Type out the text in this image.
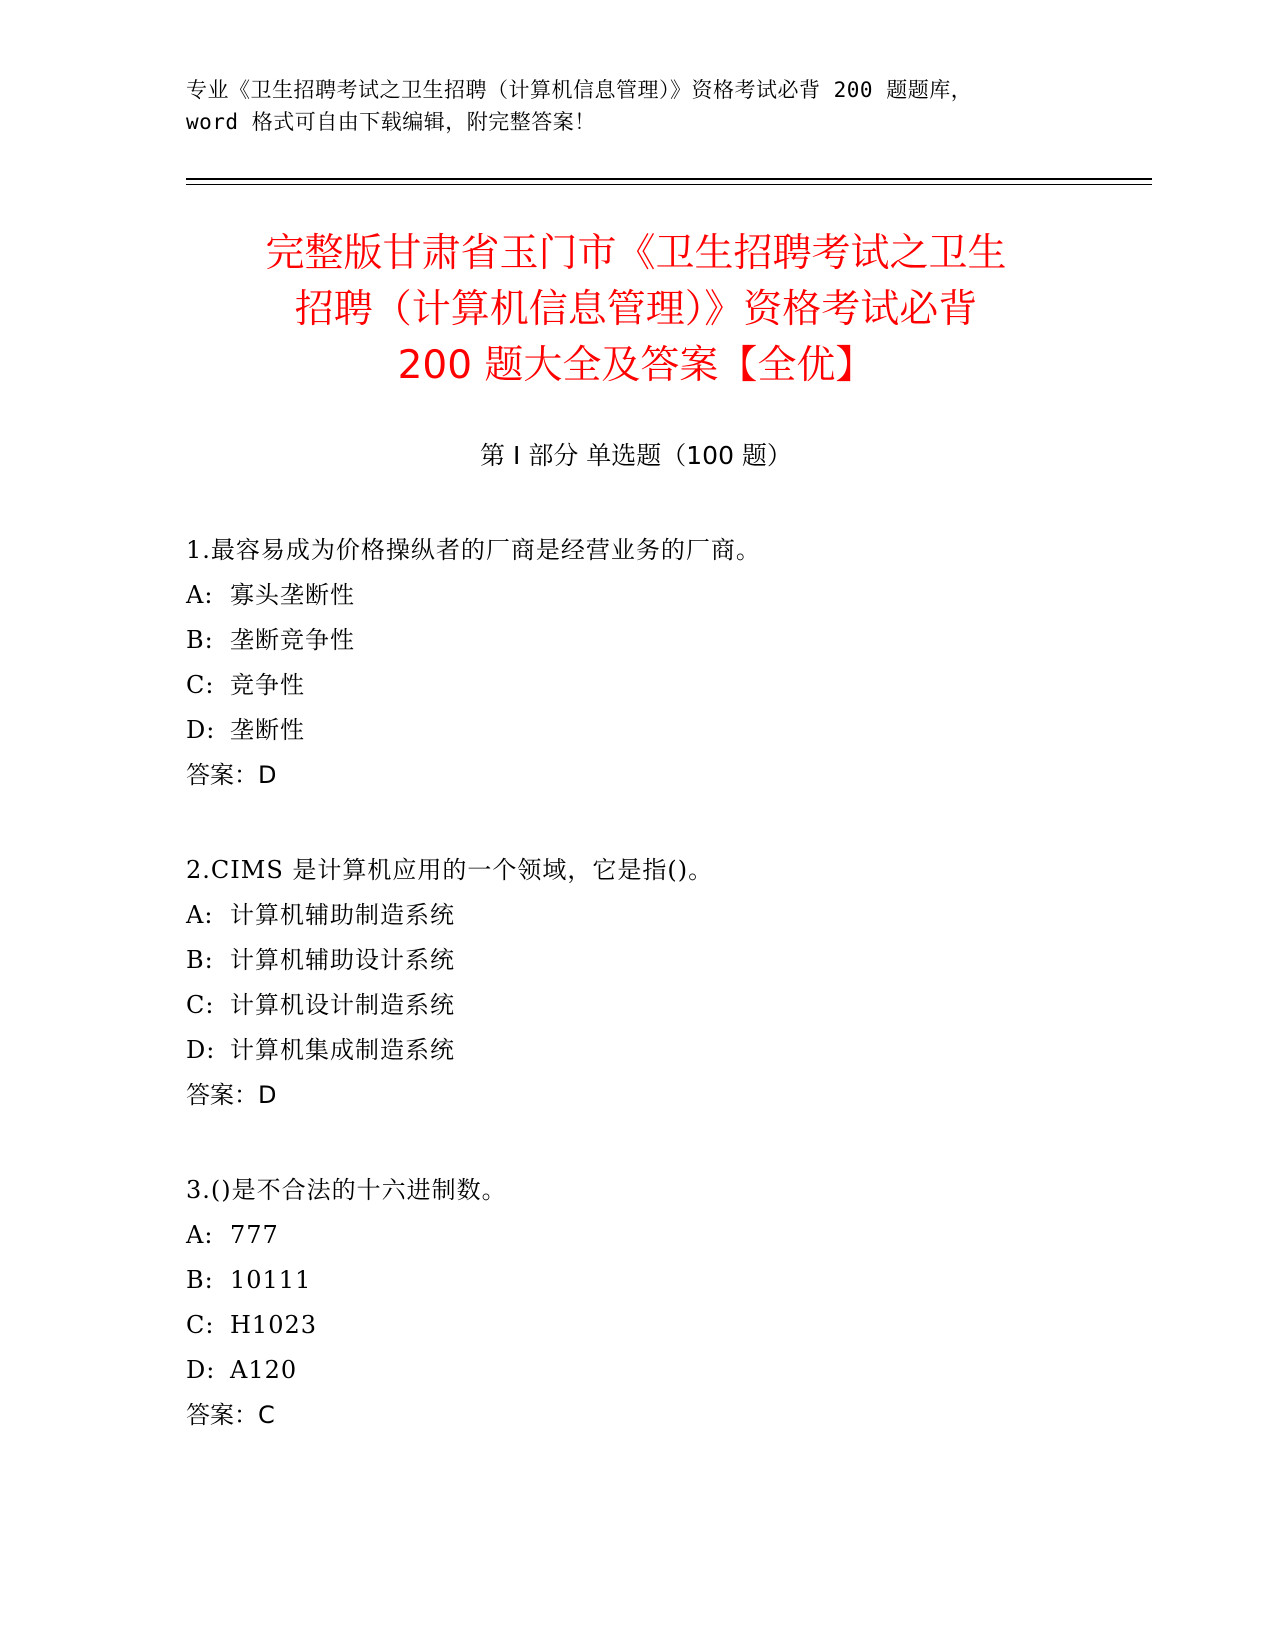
专业《卫生招聘考试之卫生招聘（计算机信息管理）》资格考试必背 200 题题库，
word 格式可自由下载编辑，附完整答案！
完整版甘肃省玉门市《卫生招聘考试之卫生
招聘（计算机信息管理）》资格考试必背
200 题大全及答案【全优】
第 I 部分 单选题（100 题）
1.最容易成为价格操纵者的厂商是经营业务的厂商。
A: 寡头垄断性
B: 垄断竞争性
C: 竞争性
D: 垄断性
答案：D
2.CIMS 是计算机应用的一个领域，它是指()。
A: 计算机辅助制造系统
B: 计算机辅助设计系统
C: 计算机设计制造系统
D: 计算机集成制造系统
答案：D
3.()是不合法的十六进制数。
A: 777
B: 10111
C: H1023
D: A120
答案：C
